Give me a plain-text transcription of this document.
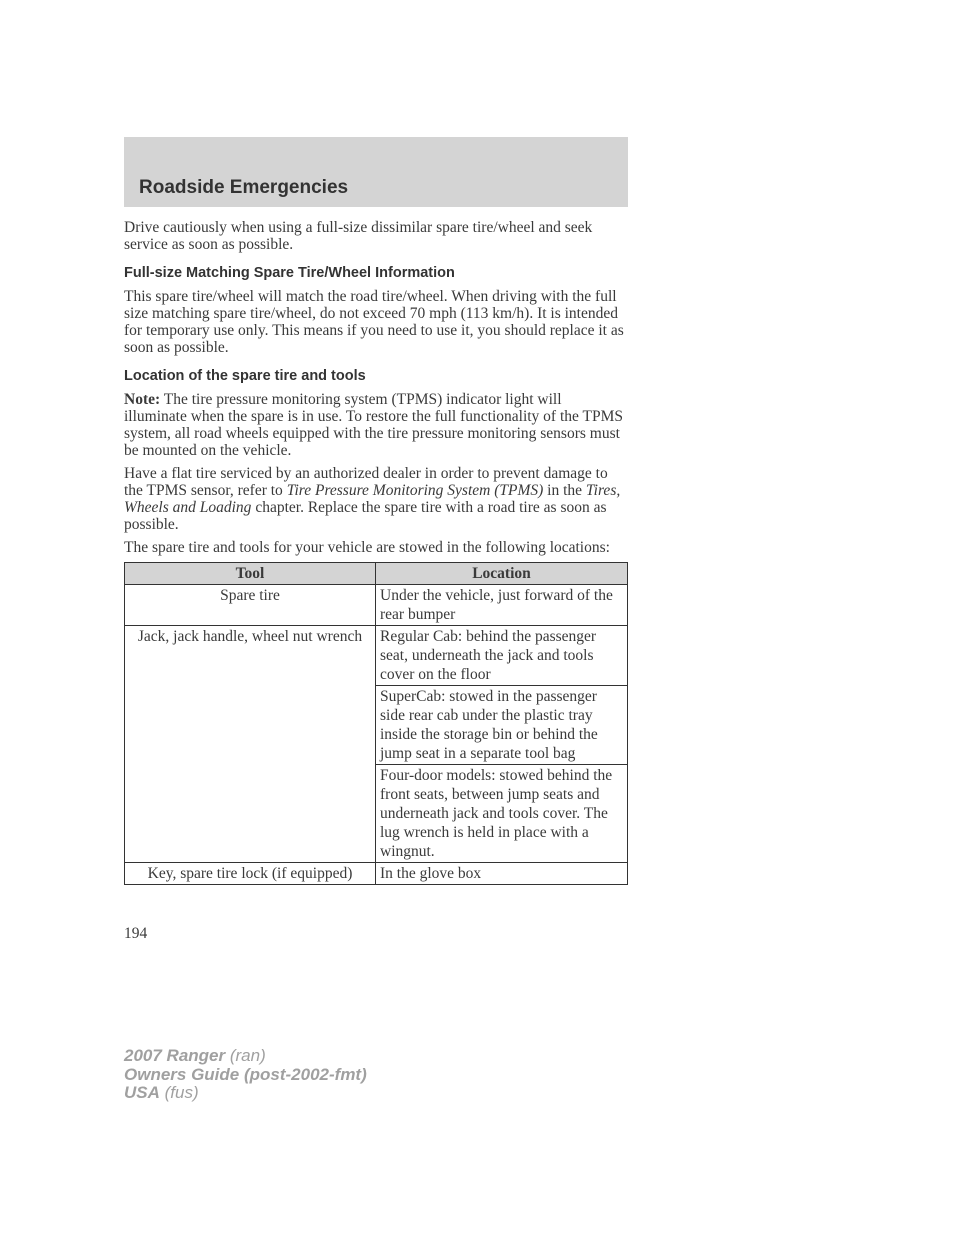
Roadside Emergencies

Drive cautiously when using a full-size dissimilar spare tire/wheel and seek service as soon as possible.

Full-size Matching Spare Tire/Wheel Information

This spare tire/wheel will match the road tire/wheel. When driving with the full size matching spare tire/wheel, do not exceed 70 mph (113 km/h). It is intended for temporary use only. This means if you need to use it, you should replace it as soon as possible.

Location of the spare tire and tools

Note: The tire pressure monitoring system (TPMS) indicator light will illuminate when the spare is in use. To restore the full functionality of the TPMS system, all road wheels equipped with the tire pressure monitoring sensors must be mounted on the vehicle.

Have a flat tire serviced by an authorized dealer in order to prevent damage to the TPMS sensor, refer to Tire Pressure Monitoring System (TPMS) in the Tires, Wheels and Loading chapter. Replace the spare tire with a road tire as soon as possible.

The spare tire and tools for your vehicle are stowed in the following locations:

Tool	Location
Spare tire	Under the vehicle, just forward of the rear bumper
Jack, jack handle, wheel nut wrench	Regular Cab: behind the passenger seat, underneath the jack and tools cover on the floor
	SuperCab: stowed in the passenger side rear cab under the plastic tray inside the storage bin or behind the jump seat in a separate tool bag
	Four-door models: stowed behind the front seats, between jump seats and underneath jack and tools cover. The lug wrench is held in place with a wingnut.
Key, spare tire lock (if equipped)	In the glove box
194
2007 Ranger (ran)
Owners Guide (post-2002-fmt)
USA (fus)
